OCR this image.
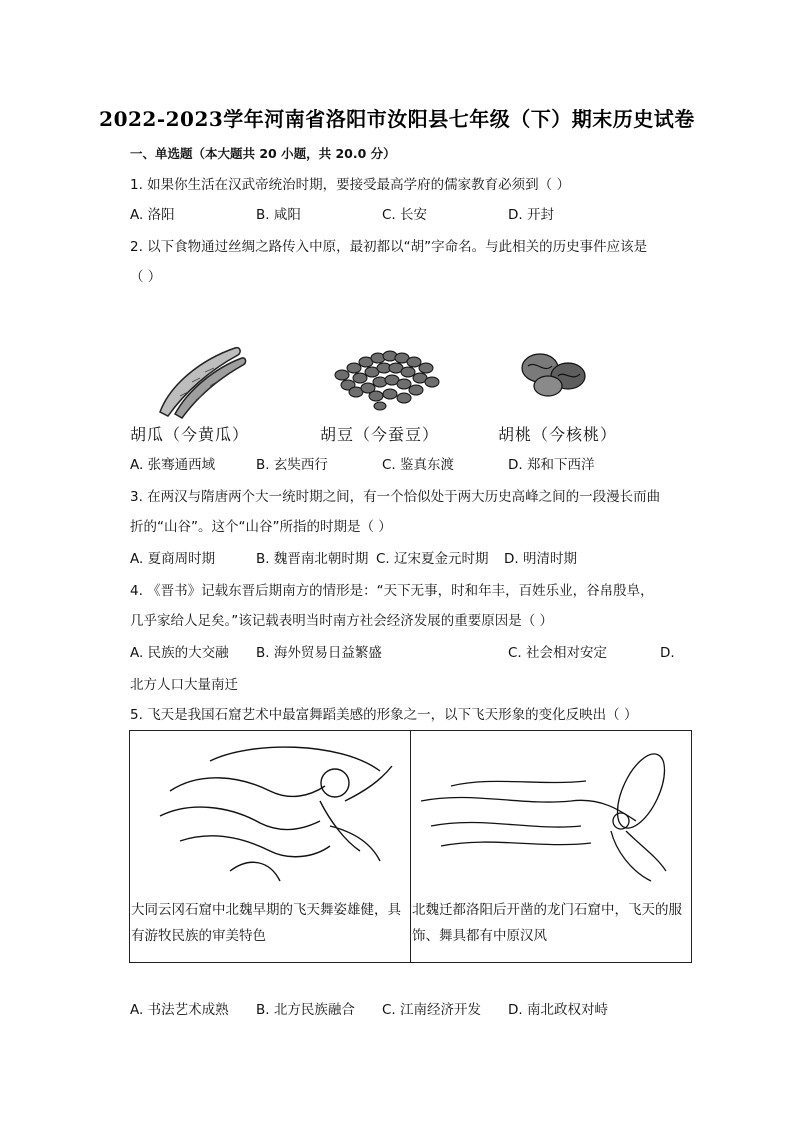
2022-2023学年河南省洛阳市汝阳县七年级（下）期末历史试卷
一、单选题（本大题共 20 小题，共 20.0 分）
1. 如果你生活在汉武帝统治时期，要接受最高学府的儒家教育必须到（ ）
A. 洛阳	B. 咸阳	C. 长安	D. 开封
2. 以下食物通过丝绸之路传入中原，最初都以“胡”字命名。与此相关的历史事件应该是
（ ）
胡瓜（今黄瓜）	胡豆（今蚕豆）	胡桃（今核桃）
A. 张骞通西域	B. 玄奘西行	C. 鉴真东渡	D. 郑和下西洋
3. 在两汉与隋唐两个大一统时期之间，有一个恰似处于两大历史高峰之间的一段漫长而曲
折的“山谷”。这个“山谷”所指的时期是（ ）
A. 夏商周时期	B. 魏晋南北朝时期 C. 辽宋夏金元时期 D. 明清时期
4. 《晋书》记载东晋后期南方的情形是：“天下无事，时和年丰，百姓乐业，谷帛殷阜，
几乎家给人足矣。”该记载表明当时南方社会经济发展的重要原因是（ ）
A. 民族的大交融 B. 海外贸易日益繁盛	C. 社会相对安定	D.
北方人口大量南迁
5. 飞天是我国石窟艺术中最富舞蹈美感的形象之一，以下飞天形象的变化反映出（ ）
大同云冈石窟中北魏早期的飞天舞姿雄健，具有游牧民族的审美特色

北魏迁都洛阳后开凿的龙门石窟中，飞天的服饰、舞具都有中原汉风
A. 书法艺术成熟 B. 北方民族融合 C. 江南经济开发 D. 南北政权对峙
